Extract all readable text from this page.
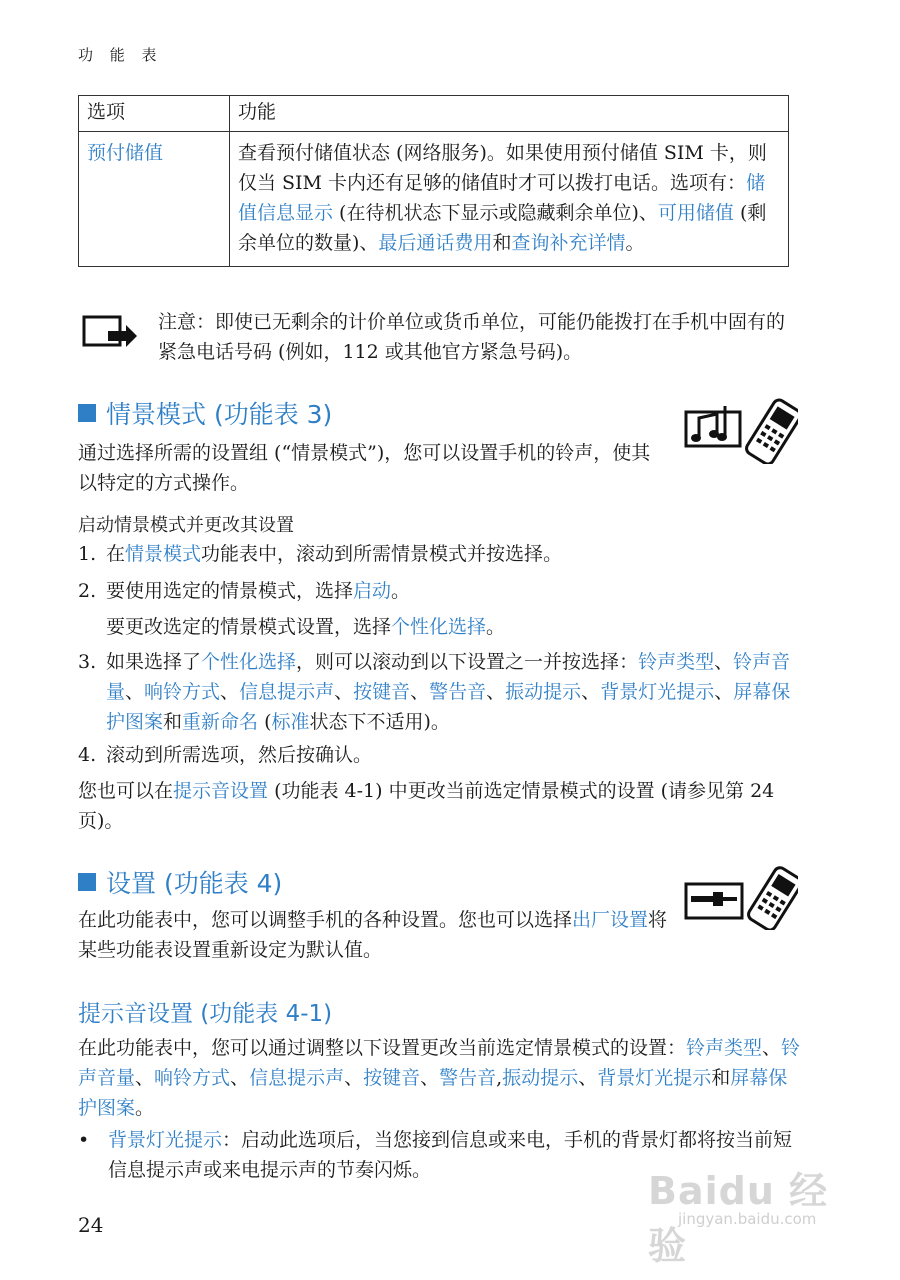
功 能 表
选项	功能
预付储值	查看预付储值状态 (网络服务)。如果使用预付储值 SIM 卡，则仅当 SIM 卡内还有足够的储值时才可以拨打电话。选项有：储值信息显示 (在待机状态下显示或隐藏剩余单位)、可用储值 (剩余单位的数量)、最后通话费用和查询补充详情。
注意：即使已无剩余的计价单位或货币单位，可能仍能拨打在手机中固有的紧急电话号码 (例如，112 或其他官方紧急号码)。
情景模式 (功能表 3)

通过选择所需的设置组 (“情景模式”)，您可以设置手机的铃声，使其以特定的方式操作。

启动情景模式并更改其设置
1. 在情景模式功能表中，滚动到所需情景模式并按选择。
2. 要使用选定的情景模式，选择启动。
要更改选定的情景模式设置，选择个性化选择。
3. 如果选择了个性化选择，则可以滚动到以下设置之一并按选择：铃声类型、铃声音量、响铃方式、信息提示声、按键音、警告音、振动提示、背景灯光提示、屏幕保护图案和重新命名 (标准状态下不适用)。
4. 滚动到所需选项，然后按确认。

您也可以在提示音设置 (功能表 4-1) 中更改当前选定情景模式的设置 (请参见第 24 页)。

设置 (功能表 4)

在此功能表中，您可以调整手机的各种设置。您也可以选择出厂设置将某些功能表设置重新设定为默认值。

提示音设置 (功能表 4-1)

在此功能表中，您可以通过调整以下设置更改当前选定情景模式的设置：铃声类型、铃声音量、响铃方式、信息提示声、按键音、警告音,振动提示、背景灯光提示和屏幕保护图案。

• 背景灯光提示：启动此选项后，当您接到信息或来电，手机的背景灯都将按当前短信息提示声或来电提示声的节奏闪烁。	Baidu 经验
jingyan.baidu.com
24
